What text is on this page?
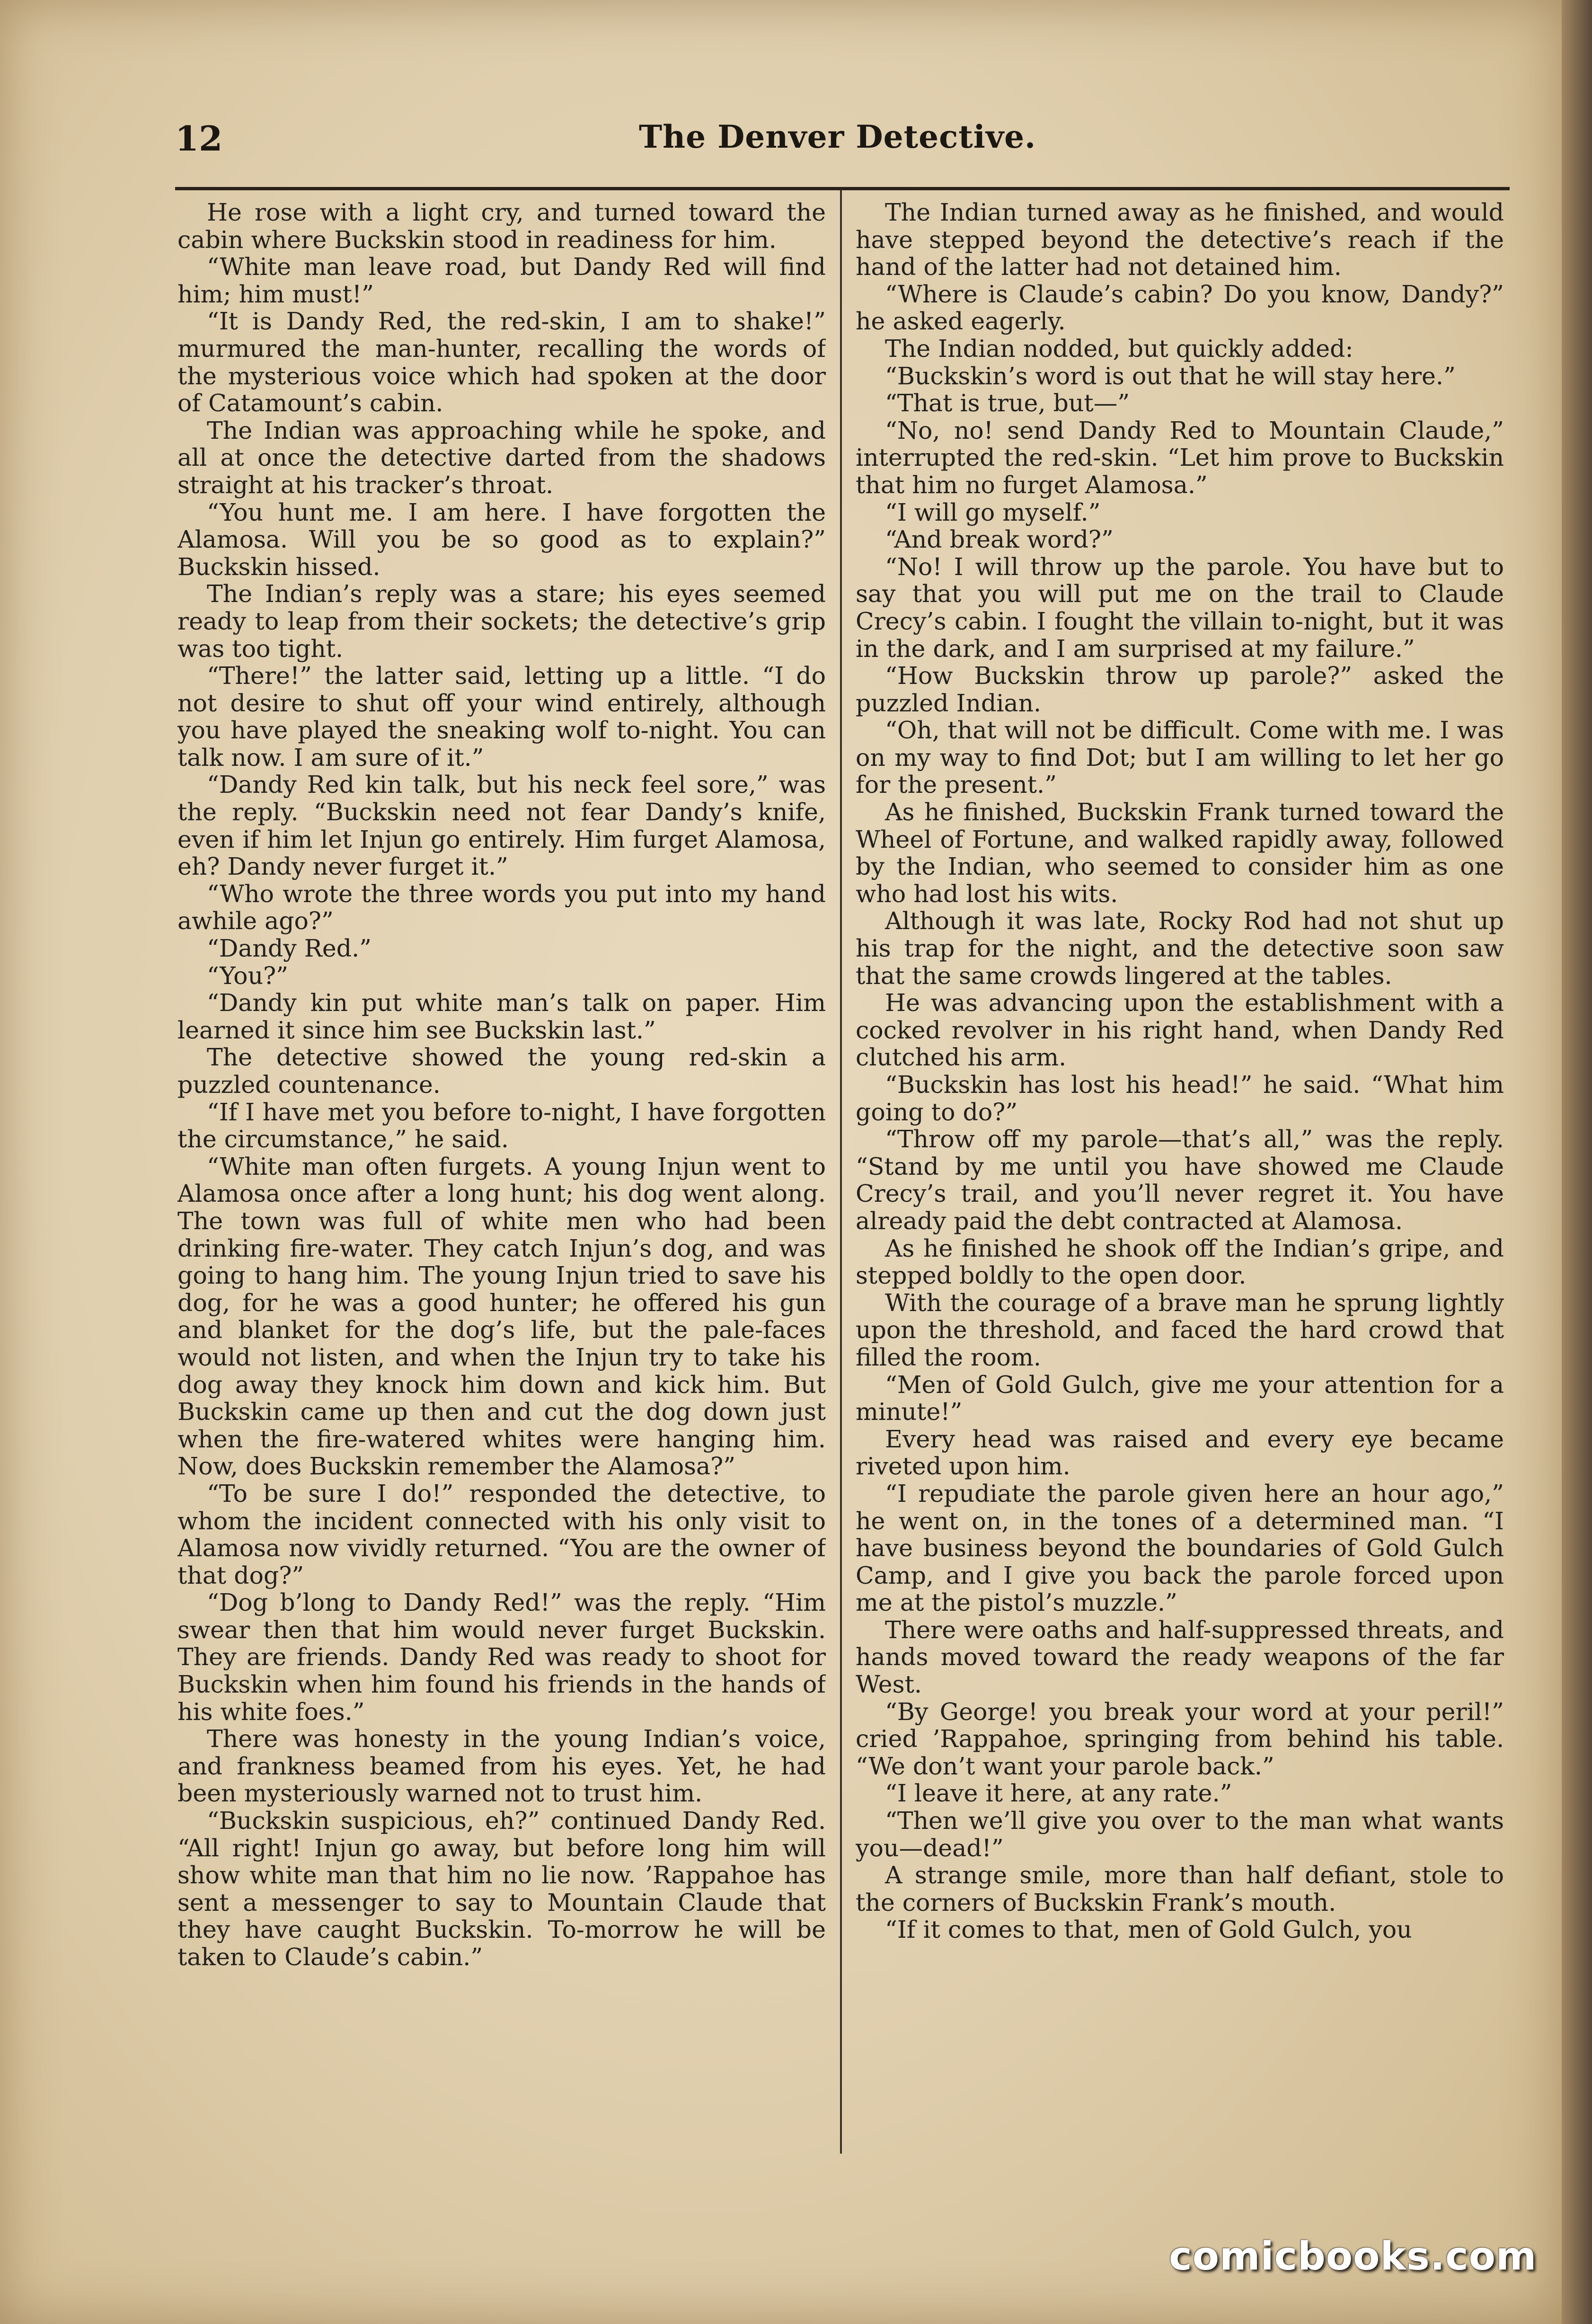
12	The Denver Detective.

He rose with a light cry, and turned toward the cabin where Buckskin stood in readiness for him.

“White man leave road, but Dandy Red will find him; him must!”

“It is Dandy Red, the red-skin, I am to shake!” murmured the man-hunter, recalling the words of the mysterious voice which had spoken at the door of Catamount’s cabin.

The Indian was approaching while he spoke, and all at once the detective darted from the shadows straight at his tracker’s throat.

“You hunt me. I am here. I have forgotten the Alamosa. Will you be so good as to explain?” Buckskin hissed.

The Indian’s reply was a stare; his eyes seemed ready to leap from their sockets; the detective’s grip was too tight.

“There!” the latter said, letting up a little. “I do not desire to shut off your wind entirely, although you have played the sneaking wolf to-night. You can talk now. I am sure of it.”

“Dandy Red kin talk, but his neck feel sore,” was the reply. “Buckskin need not fear Dandy’s knife, even if him let Injun go entirely. Him furget Alamosa, eh? Dandy never furget it.”

“Who wrote the three words you put into my hand awhile ago?”

“Dandy Red.”

“You?”

“Dandy kin put white man’s talk on paper. Him learned it since him see Buckskin last.”

The detective showed the young red-skin a puzzled countenance.

“If I have met you before to-night, I have forgotten the circumstance,” he said.

“White man often furgets. A young Injun went to Alamosa once after a long hunt; his dog went along. The town was full of white men who had been drinking fire-water. They catch Injun’s dog, and was going to hang him. The young Injun tried to save his dog, for he was a good hunter; he offered his gun and blanket for the dog’s life, but the pale-faces would not listen, and when the Injun try to take his dog away they knock him down and kick him. But Buckskin came up then and cut the dog down just when the fire-watered whites were hanging him. Now, does Buckskin remember the Alamosa?”

“To be sure I do!” responded the detective, to whom the incident connected with his only visit to Alamosa now vividly returned. “You are the owner of that dog?”

“Dog b’long to Dandy Red!” was the reply. “Him swear then that him would never furget Buckskin. They are friends. Dandy Red was ready to shoot for Buckskin when him found his friends in the hands of his white foes.”

There was honesty in the young Indian’s voice, and frankness beamed from his eyes. Yet, he had been mysteriously warned not to trust him.

“Buckskin suspicious, eh?” continued Dandy Red. “All right! Injun go away, but before long him will show white man that him no lie now. ’Rappahoe has sent a messenger to say to Mountain Claude that they have caught Buckskin. To-morrow he will be taken to Claude’s cabin.”

The Indian turned away as he finished, and would have stepped beyond the detective’s reach if the hand of the latter had not detained him.

“Where is Claude’s cabin? Do you know, Dandy?” he asked eagerly.

The Indian nodded, but quickly added:

“Buckskin’s word is out that he will stay here.”

“That is true, but—”

“No, no! send Dandy Red to Mountain Claude,” interrupted the red-skin. “Let him prove to Buckskin that him no furget Alamosa.”

“I will go myself.”

“And break word?”

“No! I will throw up the parole. You have but to say that you will put me on the trail to Claude Crecy’s cabin. I fought the villain to-night, but it was in the dark, and I am surprised at my failure.”

“How Buckskin throw up parole?” asked the puzzled Indian.

“Oh, that will not be difficult. Come with me. I was on my way to find Dot; but I am willing to let her go for the present.”

As he finished, Buckskin Frank turned toward the Wheel of Fortune, and walked rapidly away, followed by the Indian, who seemed to consider him as one who had lost his wits.

Although it was late, Rocky Rod had not shut up his trap for the night, and the detective soon saw that the same crowds lingered at the tables.

He was advancing upon the establishment with a cocked revolver in his right hand, when Dandy Red clutched his arm.

“Buckskin has lost his head!” he said. “What him going to do?”

“Throw off my parole—that’s all,” was the reply. “Stand by me until you have showed me Claude Crecy’s trail, and you’ll never regret it. You have already paid the debt contracted at Alamosa.

As he finished he shook off the Indian’s gripe, and stepped boldly to the open door.

With the courage of a brave man he sprung lightly upon the threshold, and faced the hard crowd that filled the room.

“Men of Gold Gulch, give me your attention for a minute!”

Every head was raised and every eye became riveted upon him.

“I repudiate the parole given here an hour ago,” he went on, in the tones of a determined man. “I have business beyond the boundaries of Gold Gulch Camp, and I give you back the parole forced upon me at the pistol’s muzzle.”

There were oaths and half-suppressed threats, and hands moved toward the ready weapons of the far West.

“By George! you break your word at your peril!” cried ’Rappahoe, springing from behind his table. “We don’t want your parole back.”

“I leave it here, at any rate.”

“Then we’ll give you over to the man what wants you—dead!”

A strange smile, more than half defiant, stole to the corners of Buckskin Frank’s mouth.

“If it comes to that, men of Gold Gulch, you

comicbooks.com
